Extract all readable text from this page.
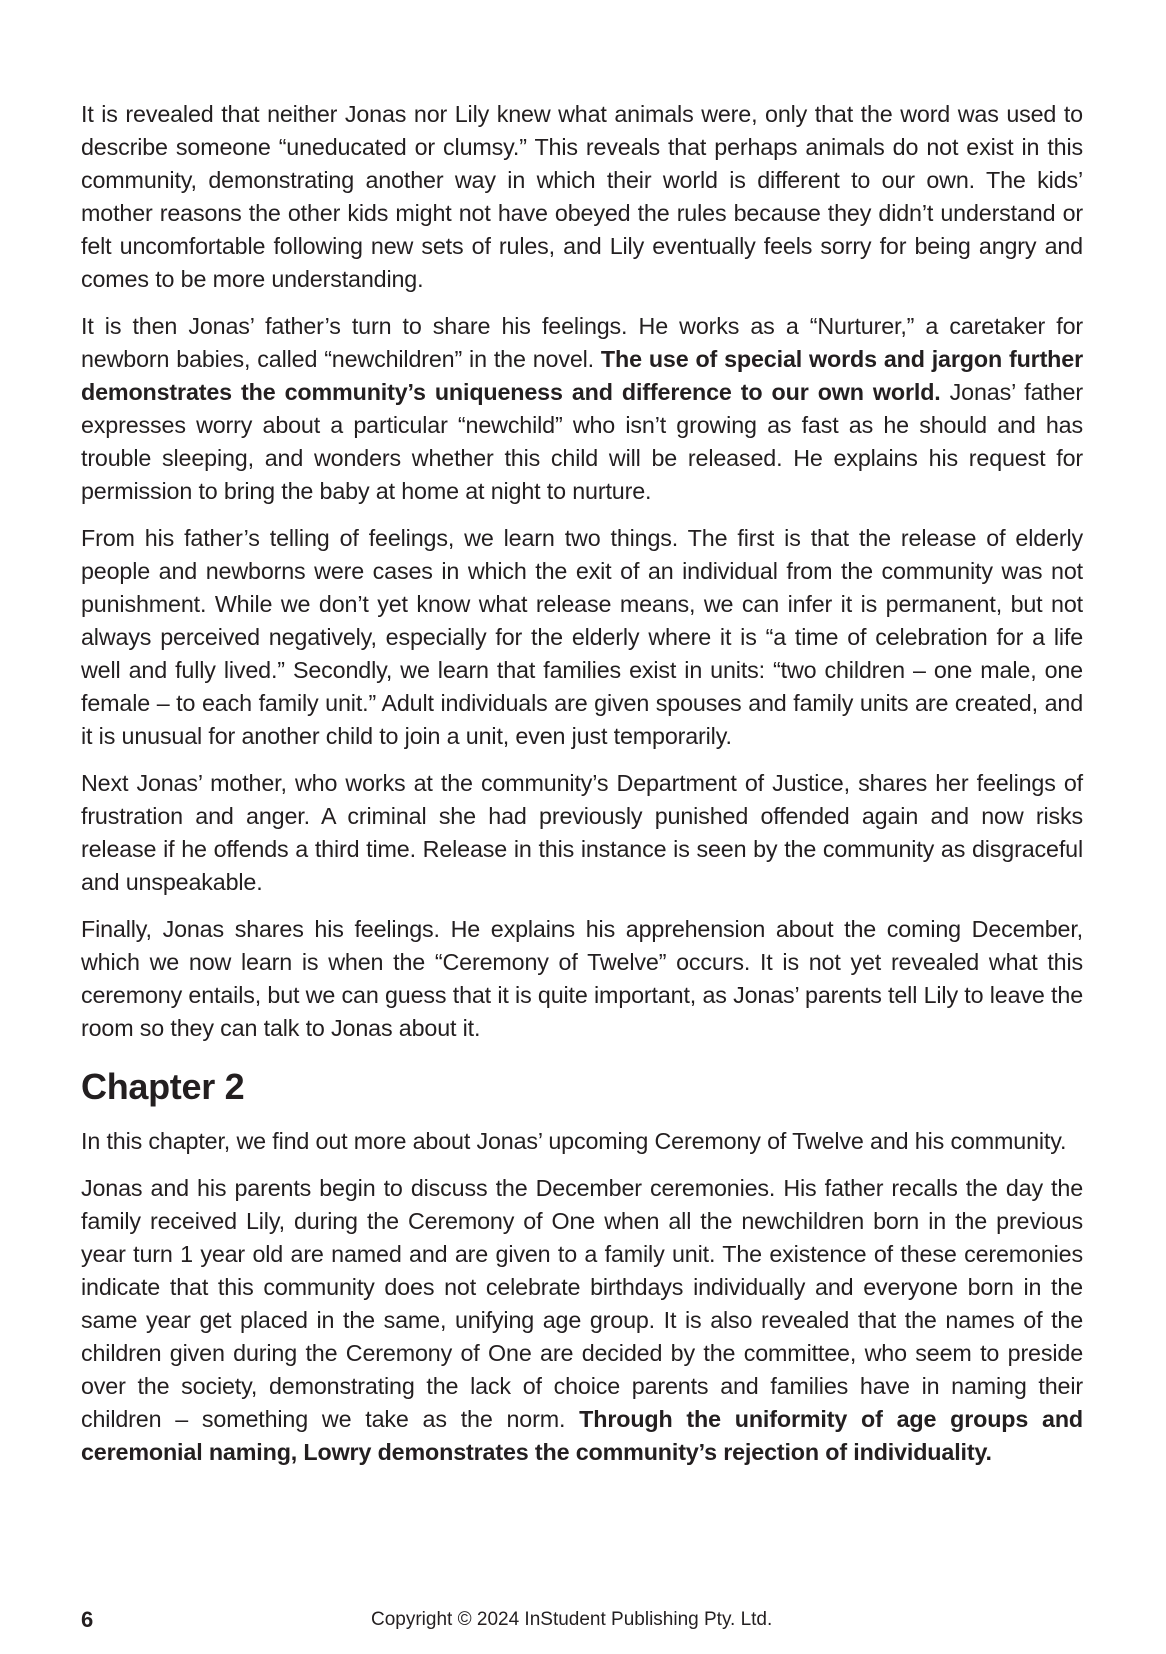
It is revealed that neither Jonas nor Lily knew what animals were, only that the word was used to describe someone “uneducated or clumsy.” This reveals that perhaps animals do not exist in this community, demonstrating another way in which their world is different to our own. The kids’ mother reasons the other kids might not have obeyed the rules because they didn’t understand or felt uncomfortable following new sets of rules, and Lily eventually feels sorry for being angry and comes to be more understanding.

It is then Jonas’ father’s turn to share his feelings. He works as a “Nurturer,” a caretaker for newborn babies, called “newchildren” in the novel. The use of special words and jargon further demonstrates the community’s uniqueness and difference to our own world. Jonas’ father expresses worry about a particular “newchild” who isn’t growing as fast as he should and has trouble sleeping, and wonders whether this child will be released. He explains his request for permission to bring the baby at home at night to nurture.

From his father’s telling of feelings, we learn two things. The first is that the release of elderly people and newborns were cases in which the exit of an individual from the community was not punishment. While we don’t yet know what release means, we can infer it is permanent, but not always perceived negatively, especially for the elderly where it is “a time of celebration for a life well and fully lived.” Secondly, we learn that families exist in units: “two children – one male, one female – to each family unit.” Adult individuals are given spouses and family units are created, and it is unusual for another child to join a unit, even just temporarily.

Next Jonas’ mother, who works at the community’s Department of Justice, shares her feelings of frustration and anger. A criminal she had previously punished offended again and now risks release if he offends a third time. Release in this instance is seen by the community as disgraceful and unspeakable.

Finally, Jonas shares his feelings. He explains his apprehension about the coming December, which we now learn is when the “Ceremony of Twelve” occurs. It is not yet revealed what this ceremony entails, but we can guess that it is quite important, as Jonas’ parents tell Lily to leave the room so they can talk to Jonas about it.

Chapter 2

In this chapter, we find out more about Jonas’ upcoming Ceremony of Twelve and his community.

Jonas and his parents begin to discuss the December ceremonies. His father recalls the day the family received Lily, during the Ceremony of One when all the newchildren born in the previous year turn 1 year old are named and are given to a family unit. The existence of these ceremonies indicate that this community does not celebrate birthdays individually and everyone born in the same year get placed in the same, unifying age group. It is also revealed that the names of the children given during the Ceremony of One are decided by the committee, who seem to preside over the society, demonstrating the lack of choice parents and families have in naming their children – something we take as the norm. Through the uniformity of age groups and ceremonial naming, Lowry demonstrates the community’s rejection of individuality.

6	Copyright © 2024 InStudent Publishing Pty. Ltd.
